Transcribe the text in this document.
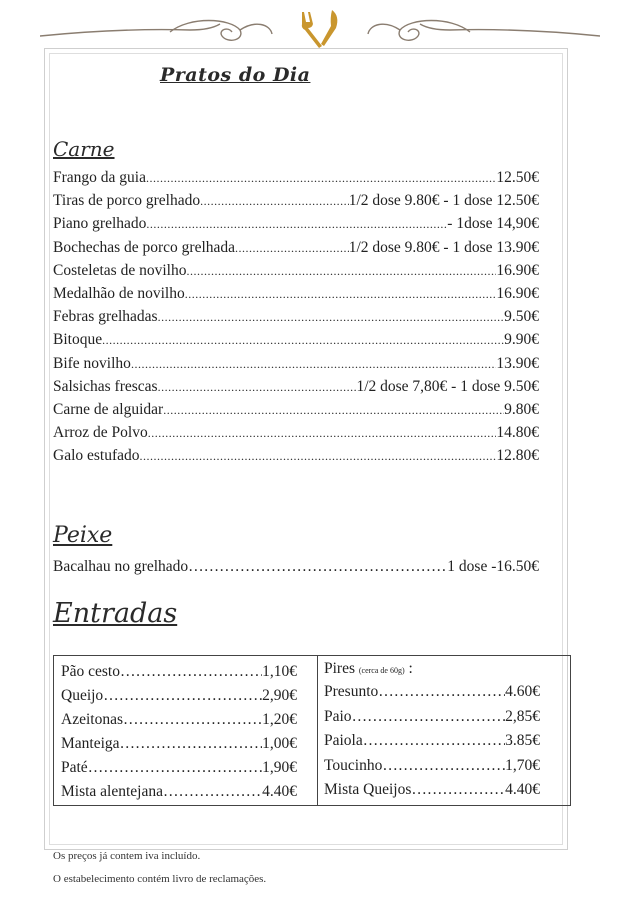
Pratos do Dia
Carne
Frango da guia .....	12.50€
Tiras de porco grelhado .....	1/2 dose 9.80€ - 1 dose 12.50€
Piano grelhado .....	- 1dose 14,90€
Bochechas de porco grelhada .....	1/2 dose 9.80€ - 1 dose 13.90€
Costeletas de novilho .....	16.90€
Medalhão de novilho .....	16.90€
Febras grelhadas .....	9.50€
Bitoque .....	9.90€
Bife novilho .....	13.90€
Salsichas frescas .....	1/2 dose 7,80€ - 1 dose 9.50€
Carne de alguidar .....	9.80€
Arroz de Polvo .....	14.80€
Galo estufado .....	12.80€
Peixe
Bacalhau no grelhado …………………………………………………………………………………………………	1 dose -16.50€
Entradas
Pão cesto ……………………………………………………………………………	1,10€
Queijo ……………………………………………………………………………	2,90€
Azeitonas ……………………………………………………………………………	1,20€
Manteiga ……………………………………………………………………………	1,00€
Paté ……………………………………………………………………………	1,90€
Mista alentejana ……………………………………………………………………………	4.40€
Pires (cerca de 60g) :
Presunto ……………………………………………………………………………	4.60€
Paio ……………………………………………………………………………	2,85€
Paiola ……………………………………………………………………………	3.85€
Toucinho ……………………………………………………………………………	1,70€
Mista Queijos ……………………………………………………………………………	4.40€
Os preços já contem iva incluído.
O estabelecimento contém livro de reclamações.
